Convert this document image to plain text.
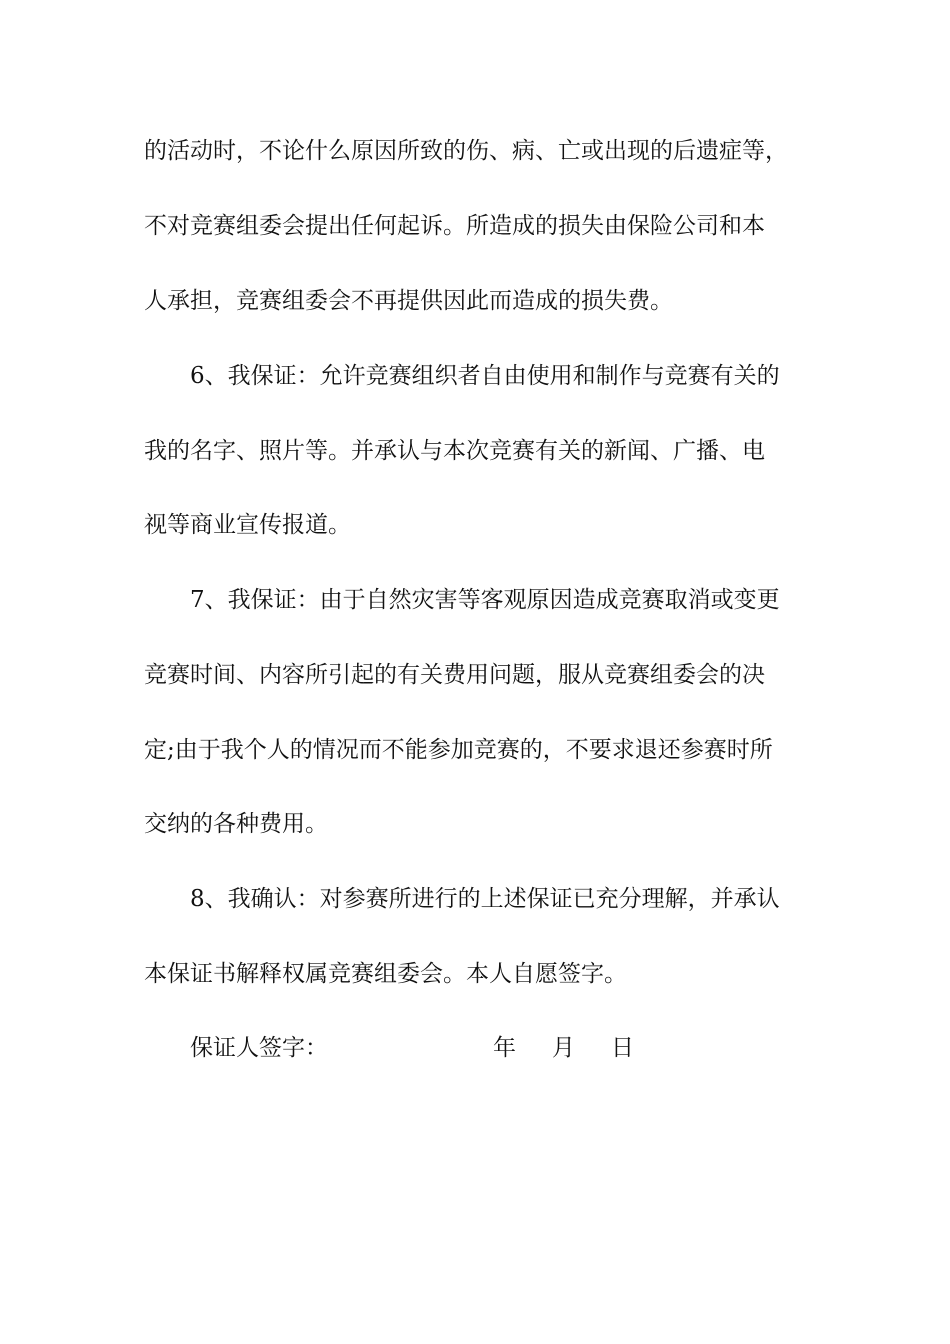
的活动时，不论什么原因所致的伤、病、亡或出现的后遗症等，

不对竞赛组委会提出任何起诉。所造成的损失由保险公司和本

人承担，竞赛组委会不再提供因此而造成的损失费。

6、我保证：允许竞赛组织者自由使用和制作与竞赛有关的

我的名字、照片等。并承认与本次竞赛有关的新闻、广播、电

视等商业宣传报道。

7、我保证：由于自然灾害等客观原因造成竞赛取消或变更

竞赛时间、内容所引起的有关费用问题，服从竞赛组委会的决

定;由于我个人的情况而不能参加竞赛的，不要求退还参赛时所

交纳的各种费用。

8、我确认：对参赛所进行的上述保证已充分理解，并承认

本保证书解释权属竞赛组委会。本人自愿签字。

保证人签字：	年 月 日
